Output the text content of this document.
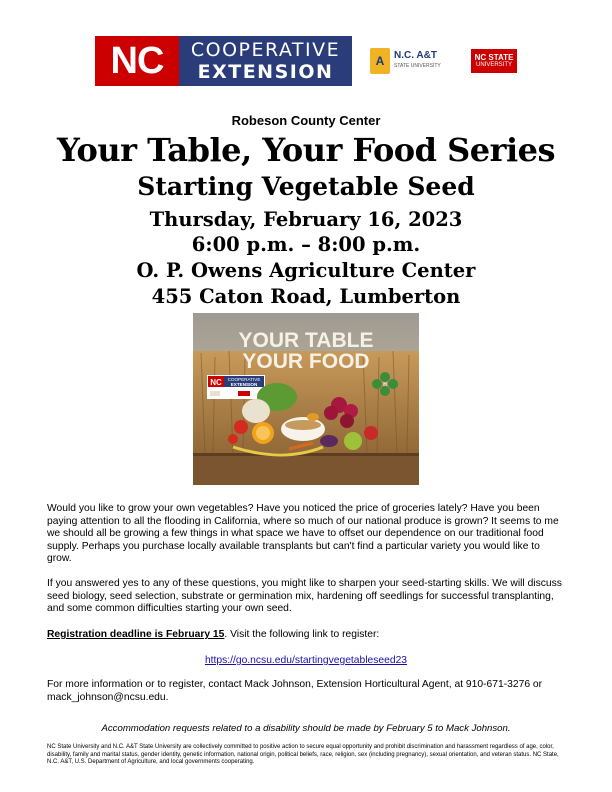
NC	COOPERATIVE
EXTENSION	A N.C. A&T
STATE UNIVERSITY
NC STATE
UNIVERSITY
Robeson County Center
Your Table, Your Food Series
Starting Vegetable Seed
Thursday, February 16, 2023
6:00 p.m. – 8:00 p.m.
O. P. Owens Agriculture Center
455 Caton Road, Lumberton
YOUR TABLE
YOUR FOOD
NC COOPERATIVE
EXTENSION	H

Would you like to grow your own vegetables? Have you noticed the price of groceries lately? Have you been paying attention to all the flooding in California, where so much of our national produce is grown? It seems to me we should all be growing a few things in what space we have to offset our dependence on our traditional food supply. Perhaps you purchase locally available transplants but can't find a particular variety you would like to grow.

If you answered yes to any of these questions, you might like to sharpen your seed-starting skills. We will discuss seed biology, seed selection, substrate or germination mix, hardening off seedlings for successful transplanting, and some common difficulties starting your own seed.

Registration deadline is February 15. Visit the following link to register:

https://go.ncsu.edu/startingvegetableseed23

For more information or to register, contact Mack Johnson, Extension Horticultural Agent, at 910-671-3276 or mack_johnson@ncsu.edu.

Accommodation requests related to a disability should be made by February 5 to Mack Johnson.

NC State University and N.C. A&T State University are collectively committed to positive action to secure equal opportunity and prohibit discrimination and harassment regardless of age, color, disability, family and marital status, gender identity, genetic information, national origin, political beliefs, race, religion, sex (including pregnancy), sexual orientation, and veteran status. NC State, N.C. A&T, U.S. Department of Agriculture, and local governments cooperating.
